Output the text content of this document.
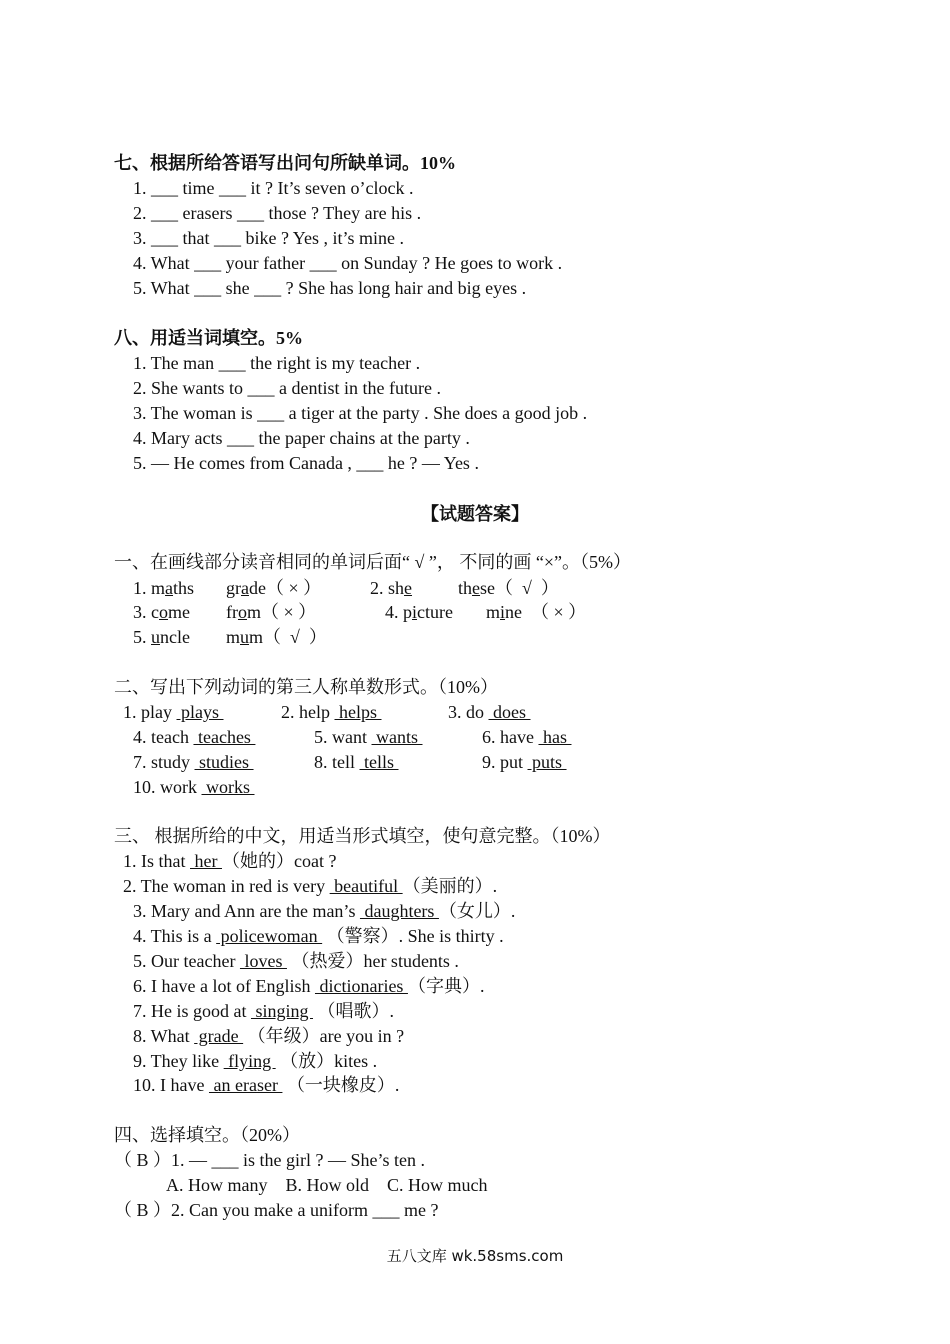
七、根据所给答语写出问句所缺单词。10%
1. ___ time ___ it ? It’s seven o’clock .
2. ___ erasers ___ those ? They are his .
3. ___ that ___ bike ? Yes , it’s mine .
4. What ___ your father ___ on Sunday ? He goes to work .
5. What ___ she ___ ? She has long hair and big eyes .
八、用适当词填空。5%
1. The man ___ the right is my teacher .
2. She wants to ___ a dentist in the future .
3. The woman is ___ a tiger at the party . She does a good job .
4. Mary acts ___ the paper chains at the party .
5. — He comes from Canada , ___ he ? — Yes .
【试题答案】
一、在画线部分读音相同的单词后面“ √ ”， 不同的画 “×”。（5%）
1. maths grade（ × ）	2. she	these（  √  ）
3. come from（ × ）	4. picture mine  （ × ）
5. uncle mum（  √  ）
二、写出下列动词的第三人称单数形式。（10%）
1. play  plays	2. help  helps	3. do  does
4. teach  teaches	5. want  wants	6. have  has
7. study  studies	8. tell  tells	9. put  puts
10. work  works
三、 根据所给的中文，用适当形式填空，使句意完整。（10%）
1. Is that  her （她的）coat ?
2. The woman in red is very  beautiful （美丽的）.
3. Mary and Ann are the man’s  daughters （女儿）.
4. This is a  policewoman  （警察）. She is thirty .
5. Our teacher  loves  （热爱）her students .
6. I have a lot of English  dictionaries （字典）.
7. He is good at  singing  （唱歌）.
8. What  grade  （年级）are you in ?
9. They like  flying  （放）kites .
10. I have  an eraser  （一块橡皮）.
四、选择填空。（20%）
（ B ）1. — ___ is the girl ? — She’s ten .
A. How many    B. How old    C. How much
（ B ）2. Can you make a uniform ___ me ?
五八文库 wk.58sms.com
